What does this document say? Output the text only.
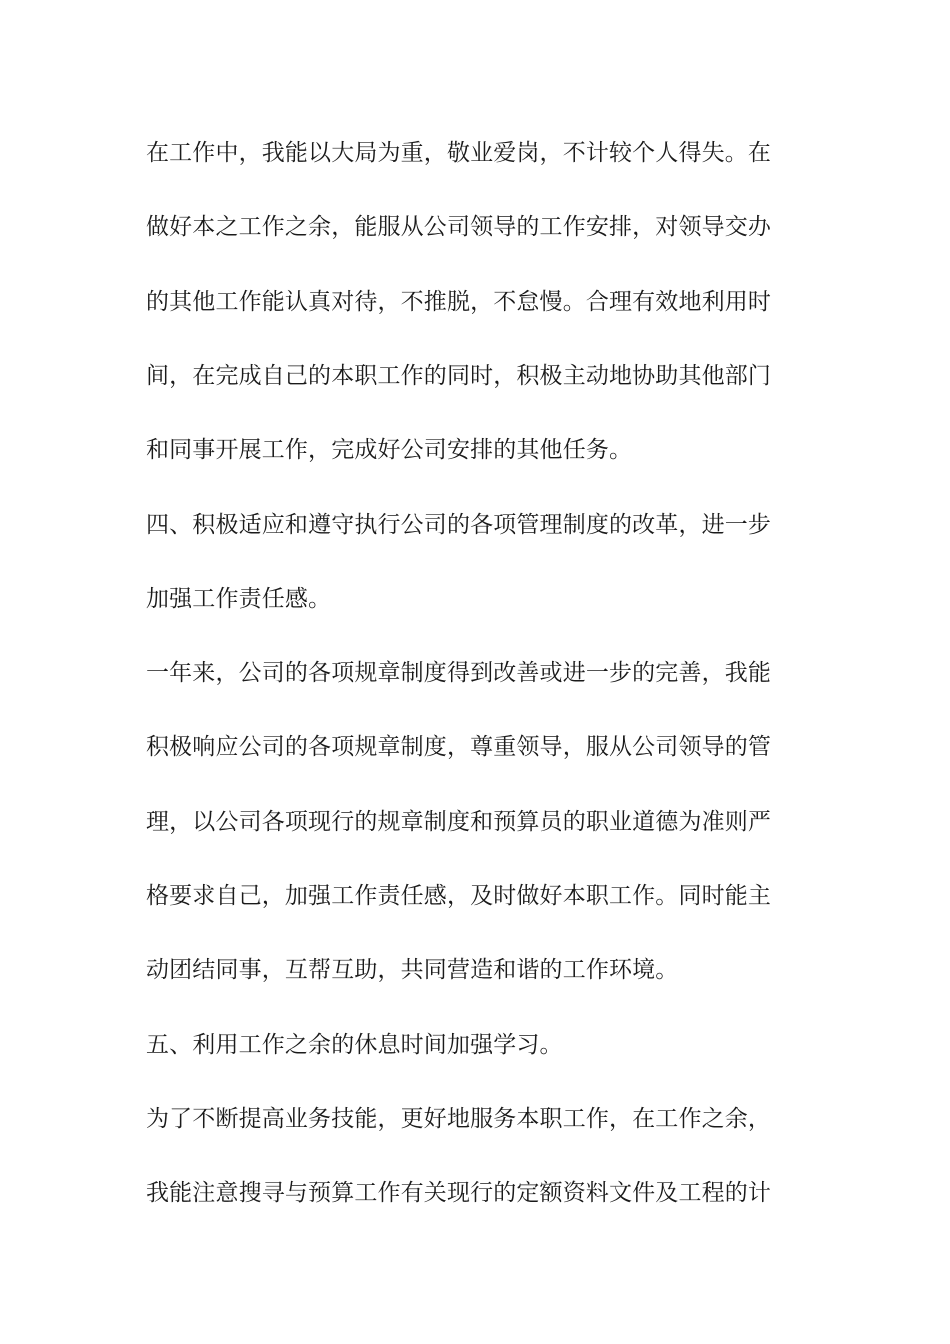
在工作中，我能以大局为重，敬业爱岗，不计较个人得失。在
做好本之工作之余，能服从公司领导的工作安排，对领导交办
的其他工作能认真对待，不推脱，不怠慢。合理有效地利用时
间，在完成自己的本职工作的同时，积极主动地协助其他部门
和同事开展工作，完成好公司安排的其他任务。
四、积极适应和遵守执行公司的各项管理制度的改革，进一步
加强工作责任感。
一年来，公司的各项规章制度得到改善或进一步的完善，我能
积极响应公司的各项规章制度，尊重领导，服从公司领导的管
理，以公司各项现行的规章制度和预算员的职业道德为准则严
格要求自己，加强工作责任感，及时做好本职工作。同时能主
动团结同事，互帮互助，共同营造和谐的工作环境。
五、利用工作之余的休息时间加强学习。
为了不断提高业务技能，更好地服务本职工作，在工作之余，
我能注意搜寻与预算工作有关现行的定额资料文件及工程的计
